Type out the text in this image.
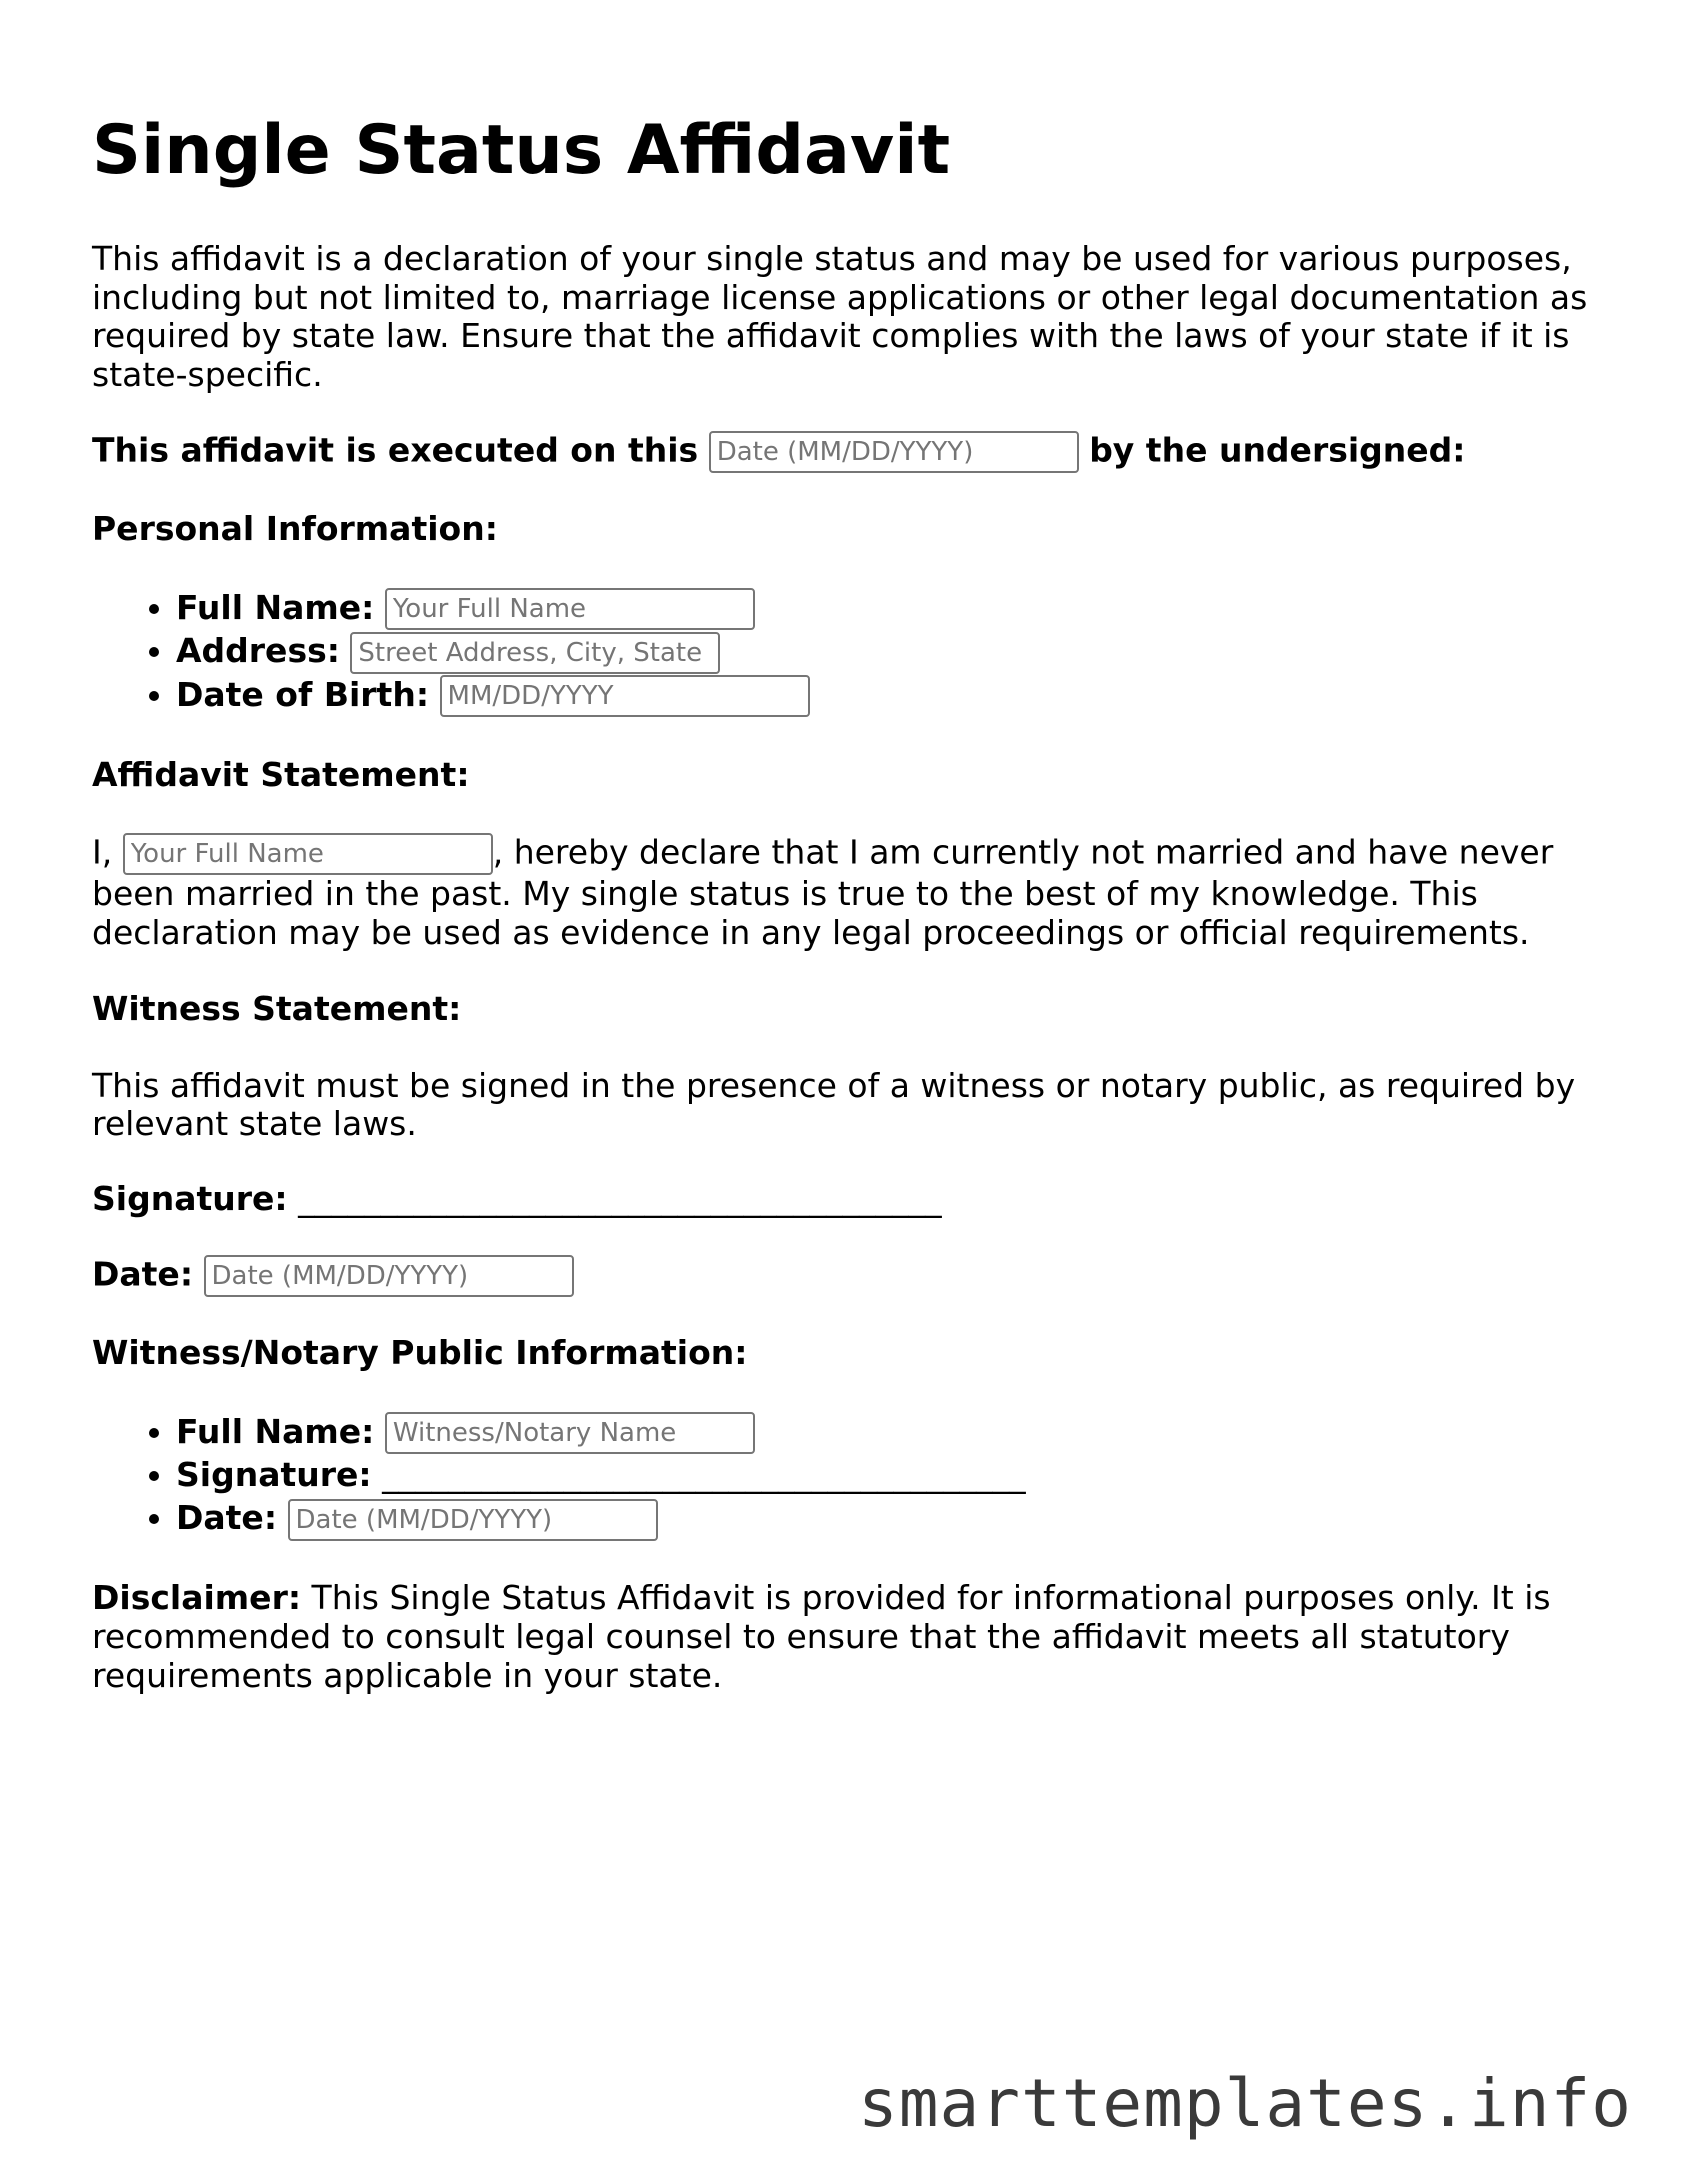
Single Status Affidavit

This affidavit is a declaration of your single status and may be used for various purposes, including but not limited to, marriage license applications or other legal documentation as required by state law. Ensure that the affidavit complies with the laws of your state if it is state-specific.

This affidavit is executed on this Date (MM/DD/YYYY)	by the undersigned:

Personal Information:
• Full Name: Your Full Name
• Address: Street Address, City, State
• Date of Birth: MM/DD/YYYY
Affidavit Statement:

I, Your Full Name	, hereby declare that I am currently not married and have never been married in the past. My single status is true to the best of my knowledge. This declaration may be used as evidence in any legal proceedings or official requirements.

Witness Statement:

This affidavit must be signed in the presence of a witness or notary public, as required by relevant state laws.

Signature: _______________________________________

Date: Date (MM/DD/YYYY)

Witness/Notary Public Information:
• Full Name: Witness/Notary Name
• Signature: _______________________________________
• Date: Date (MM/DD/YYYY)

Disclaimer: This Single Status Affidavit is provided for informational purposes only. It is recommended to consult legal counsel to ensure that the affidavit meets all statutory requirements applicable in your state.

smarttemplates.info
